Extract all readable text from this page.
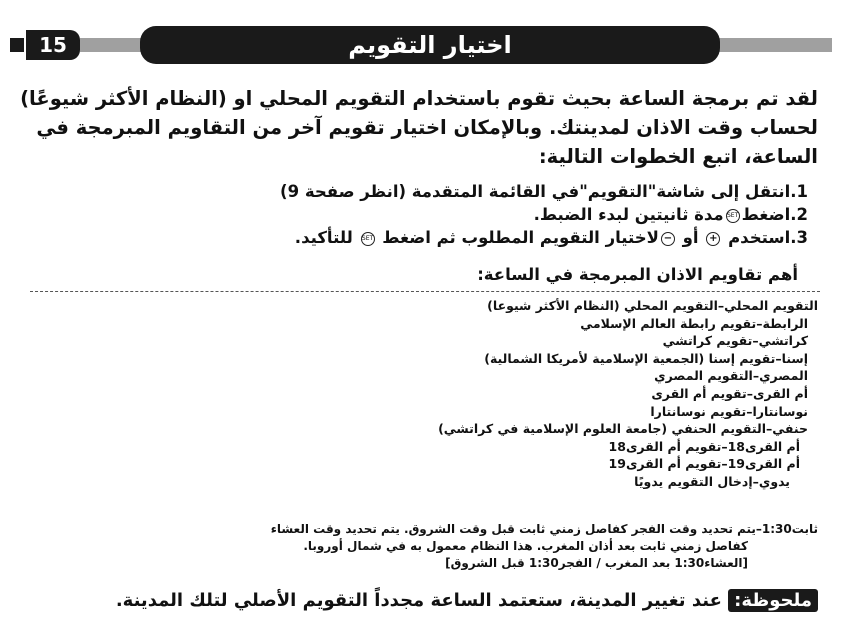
15	اختيار التقويم
لقد تم برمجة الساعة بحيث تقوم باستخدام التقويم المحلي او (النظام الأكثر شيوعًا) لحساب وقت الاذان لمدينتك. وبالإمكان اختيار تقويم آخر من التقاويم المبرمجة في الساعة، اتبع الخطوات التالية:
1.انتقل إلى شاشة"التقويم"في القائمة المتقدمة (انظر صفحة 9)
2.اضغطSETمدة ثانيتين لبدء الضبط.
3.استخدم + أو −لاختيار التقويم المطلوب ثم اضغط SET للتأكيد.
أهم تقاويم الاذان المبرمجة في الساعة:
التقويم المحلي–التقويم المحلي (النظام الأكثر شيوعا)
الرابطة–تقويم رابطة العالم الإسلامي
كراتشي–تقويم كراتشي
إسنا–تقويم إسنا (الجمعية الإسلامية لأمريكا الشمالية)
المصري–التقويم المصري
أم القرى–تقويم أم القرى
نوسانتارا–تقويم نوسانتارا
حنفي–التقويم الحنفي (جامعة العلوم الإسلامية في كراتشي)
أم القرى18–تقويم أم القرى18
أم القرى19–تقويم أم القرى19
يدوي–إدخال التقويم يدويًا
ثابت1:30–يتم تحديد وقت الفجر كفاصل زمني ثابت قبل وقت الشروق. يتم تحديد وقت العشاء
كفاصل زمني ثابت بعد أذان المغرب. هذا النظام معمول به في شمال أوروبا.
[العشاء1:30 بعد المغرب / الفجر1:30 قبل الشروق]
ملحوظة: عند تغيير المدينة، ستعتمد الساعة مجدداً التقويم الأصلي لتلك المدينة.
